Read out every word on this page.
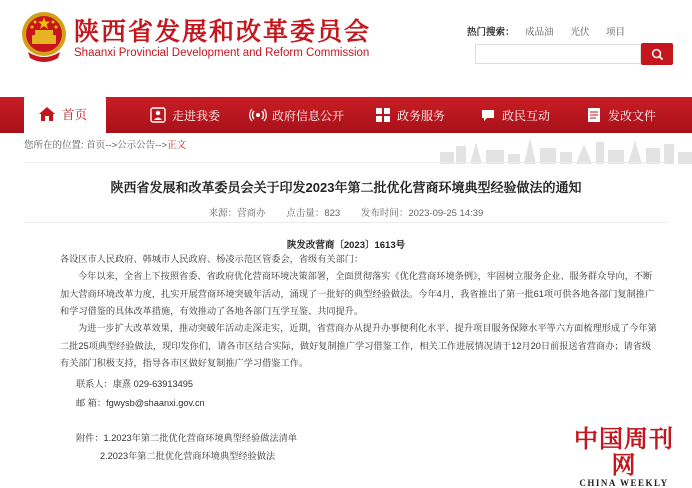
陕西省发展和改革委员会
Shaanxi Provincial Development and Reform Commission
热门搜索： 成品油 光伏 项目
首页	走进我委	政府信息公开	政务服务	政民互动	发改文件
您所在的位置: 首页-->公示公告-->正文
陕西省发展和改革委员会关于印发2023年第二批优化营商环境典型经验做法的通知
来源：营商办 点击量：823 发布时间：2023-09-25 14:39
陕发改营商〔2023〕1613号
各设区市人民政府、韩城市人民政府、杨凌示范区管委会，省级有关部门：
今年以来，全省上下按照省委、省政府优化营商环境决策部署，全面贯彻落实《优化营商环境条例》，牢固树立服务企业、服务群众导向，不断加大营商环境改革力度，扎实开展营商环境突破年活动，涌现了一批好的典型经验做法。今年4月，我省推出了第一批61项可供各地各部门复制推广和学习借鉴的具体改革措施，有效推动了各地各部门互学互鉴、共同提升。
为进一步扩大改革效果，推动突破年活动走深走实，近期，省营商办从提升办事便利化水平、提升项目服务保障水平等六方面梳理形成了今年第二批25项典型经验做法，现印发你们，请各市区结合实际，做好复制推广学习借鉴工作，相关工作进展情况请于12月20日前报送省营商办；请省级有关部门积极支持，指导各市区做好复制推广学习借鉴工作。
联系人：康熹 029-63913495
邮 箱：fgwysb@shaanxi.gov.cn
附件：1.2023年第二批优化营商环境典型经验做法清单
2.2023年第二批优化营商环境典型经验做法
中国周刊网
CHINA WEEKLY
